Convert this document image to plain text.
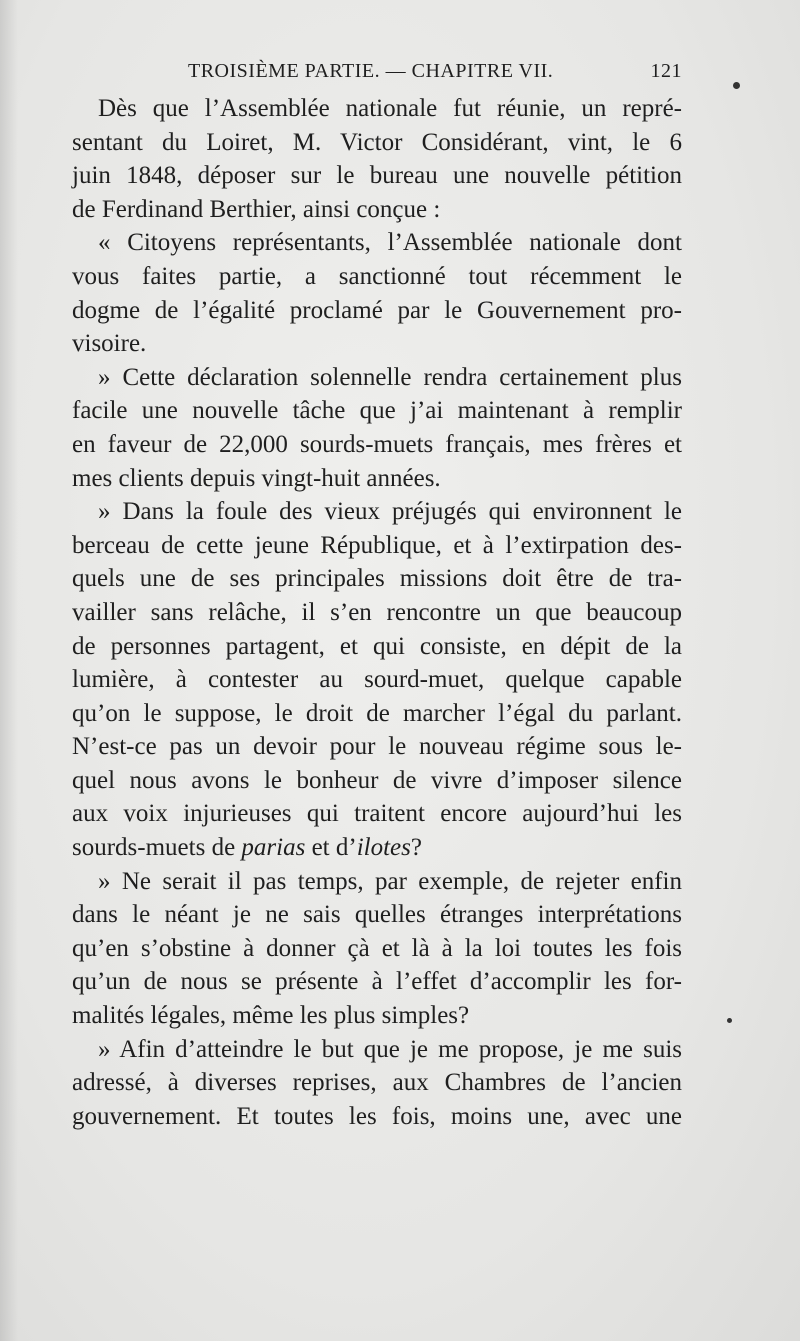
TROISIÈME PARTIE. — CHAPITRE VII.	121

Dès que l’Assemblée nationale fut réunie, un repré-

sentant du Loiret, M. Victor Considérant, vint, le 6

juin 1848, déposer sur le bureau une nouvelle pétition

de Ferdinand Berthier, ainsi conçue :

« Citoyens représentants, l’Assemblée nationale dont

vous faites partie, a sanctionné tout récemment le

dogme de l’égalité proclamé par le Gouvernement pro-

visoire.

» Cette déclaration solennelle rendra certainement plus

facile une nouvelle tâche que j’ai maintenant à remplir

en faveur de 22,000 sourds-muets français, mes frères et

mes clients depuis vingt-huit années.

» Dans la foule des vieux préjugés qui environnent le

berceau de cette jeune République, et à l’extirpation des-

quels une de ses principales missions doit être de tra-

vailler sans relâche, il s’en rencontre un que beaucoup

de personnes partagent, et qui consiste, en dépit de la

lumière, à contester au sourd-muet, quelque capable

qu’on le suppose, le droit de marcher l’égal du parlant.

N’est-ce pas un devoir pour le nouveau régime sous le-

quel nous avons le bonheur de vivre d’imposer silence

aux voix injurieuses qui traitent encore aujourd’hui les

sourds-muets de parias et d’ilotes?

» Ne serait il pas temps, par exemple, de rejeter enfin

dans le néant je ne sais quelles étranges interprétations

qu’en s’obstine à donner çà et là à la loi toutes les fois

qu’un de nous se présente à l’effet d’accomplir les for-

malités légales, même les plus simples?

» Afin d’atteindre le but que je me propose, je me suis

adressé, à diverses reprises, aux Chambres de l’ancien

gouvernement. Et toutes les fois, moins une, avec une
